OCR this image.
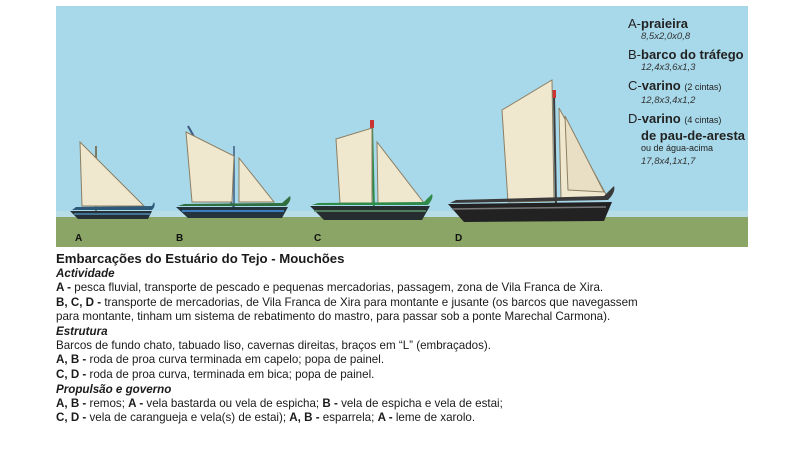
A	B	C	D
A-praieira
8,5x2,0x0,8
B-barco do tráfego
12,4x3,6x1,3
C-varino (2 cintas)
12,8x3,4x1,2
D-varino (4 cintas)
de pau-de-aresta
ou de água-acima
17,8x4,1x1,7
Embarcações do Estuário do Tejo - Mouchões
Actividade
A - pesca fluvial, transporte de pescado e pequenas mercadorias, passagem, zona de Vila Franca de Xira.
B, C, D - transporte de mercadorias, de Vila Franca de Xira para montante e jusante (os barcos que navegassem
para montante, tinham um sistema de rebatimento do mastro, para passar sob a ponte Marechal Carmona).
Estrutura
Barcos de fundo chato, tabuado liso, cavernas direitas, braços em “L” (embraçados).
A, B - roda de proa curva terminada em capelo; popa de painel.
C, D - roda de proa curva, terminada em bica; popa de painel.
Propulsão e governo
A, B - remos; A - vela bastarda ou vela de espicha; B - vela de espicha e vela de estai;
C, D - vela de carangueja e vela(s) de estai); A, B - esparrela; A - leme de xarolo.
